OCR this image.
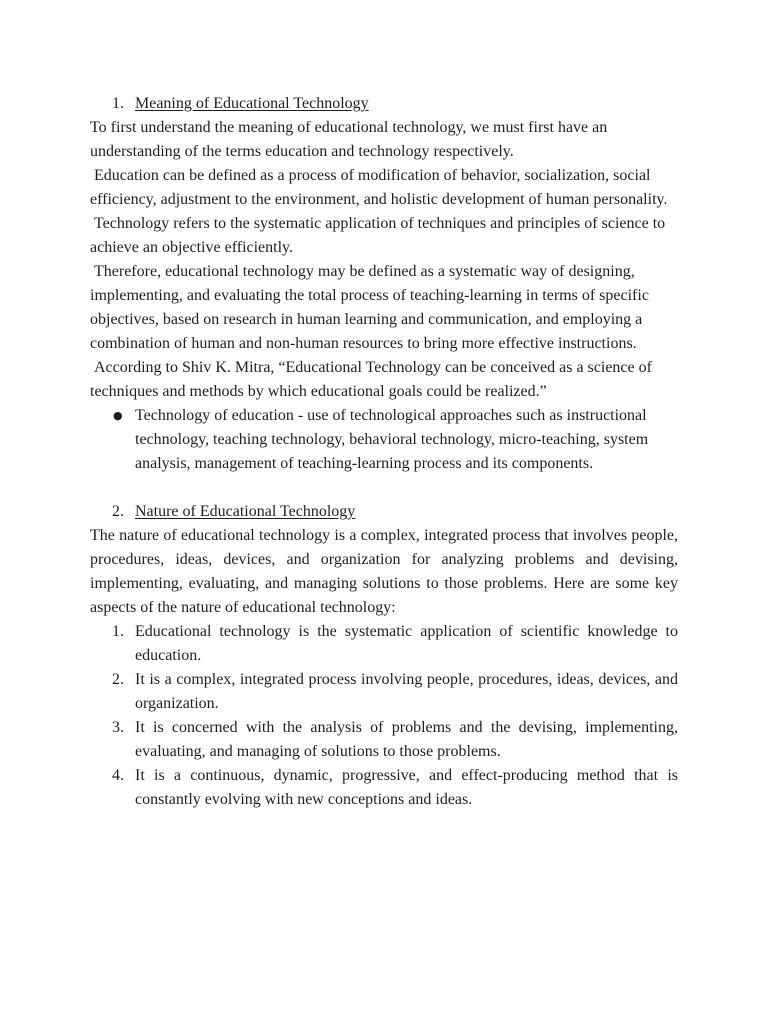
1. Meaning of Educational Technology

To first understand the meaning of educational technology, we must first have an understanding of the terms education and technology respectively.

Education can be defined as a process of modification of behavior, socialization, social efficiency, adjustment to the environment, and holistic development of human personality.

Technology refers to the systematic application of techniques and principles of science to achieve an objective efficiently.

Therefore, educational technology may be defined as a systematic way of designing, implementing, and evaluating the total process of teaching-learning in terms of specific objectives, based on research in human learning and communication, and employing a combination of human and non-human resources to bring more effective instructions.

According to Shiv K. Mitra, “Educational Technology can be conceived as a science of techniques and methods by which educational goals could be realized.”

● Technology of education - use of technological approaches such as instructional technology, teaching technology, behavioral technology, micro-teaching, system analysis, management of teaching-learning process and its components.
2. Nature of Educational Technology

The nature of educational technology is a complex, integrated process that involves people, procedures, ideas, devices, and organization for analyzing problems and devising, implementing, evaluating, and managing solutions to those problems. Here are some key aspects of the nature of educational technology:

1. Educational technology is the systematic application of scientific knowledge to education.
2. It is a complex, integrated process involving people, procedures, ideas, devices, and organization.
3. It is concerned with the analysis of problems and the devising, implementing, evaluating, and managing of solutions to those problems.
4. It is a continuous, dynamic, progressive, and effect-producing method that is constantly evolving with new conceptions and ideas.
